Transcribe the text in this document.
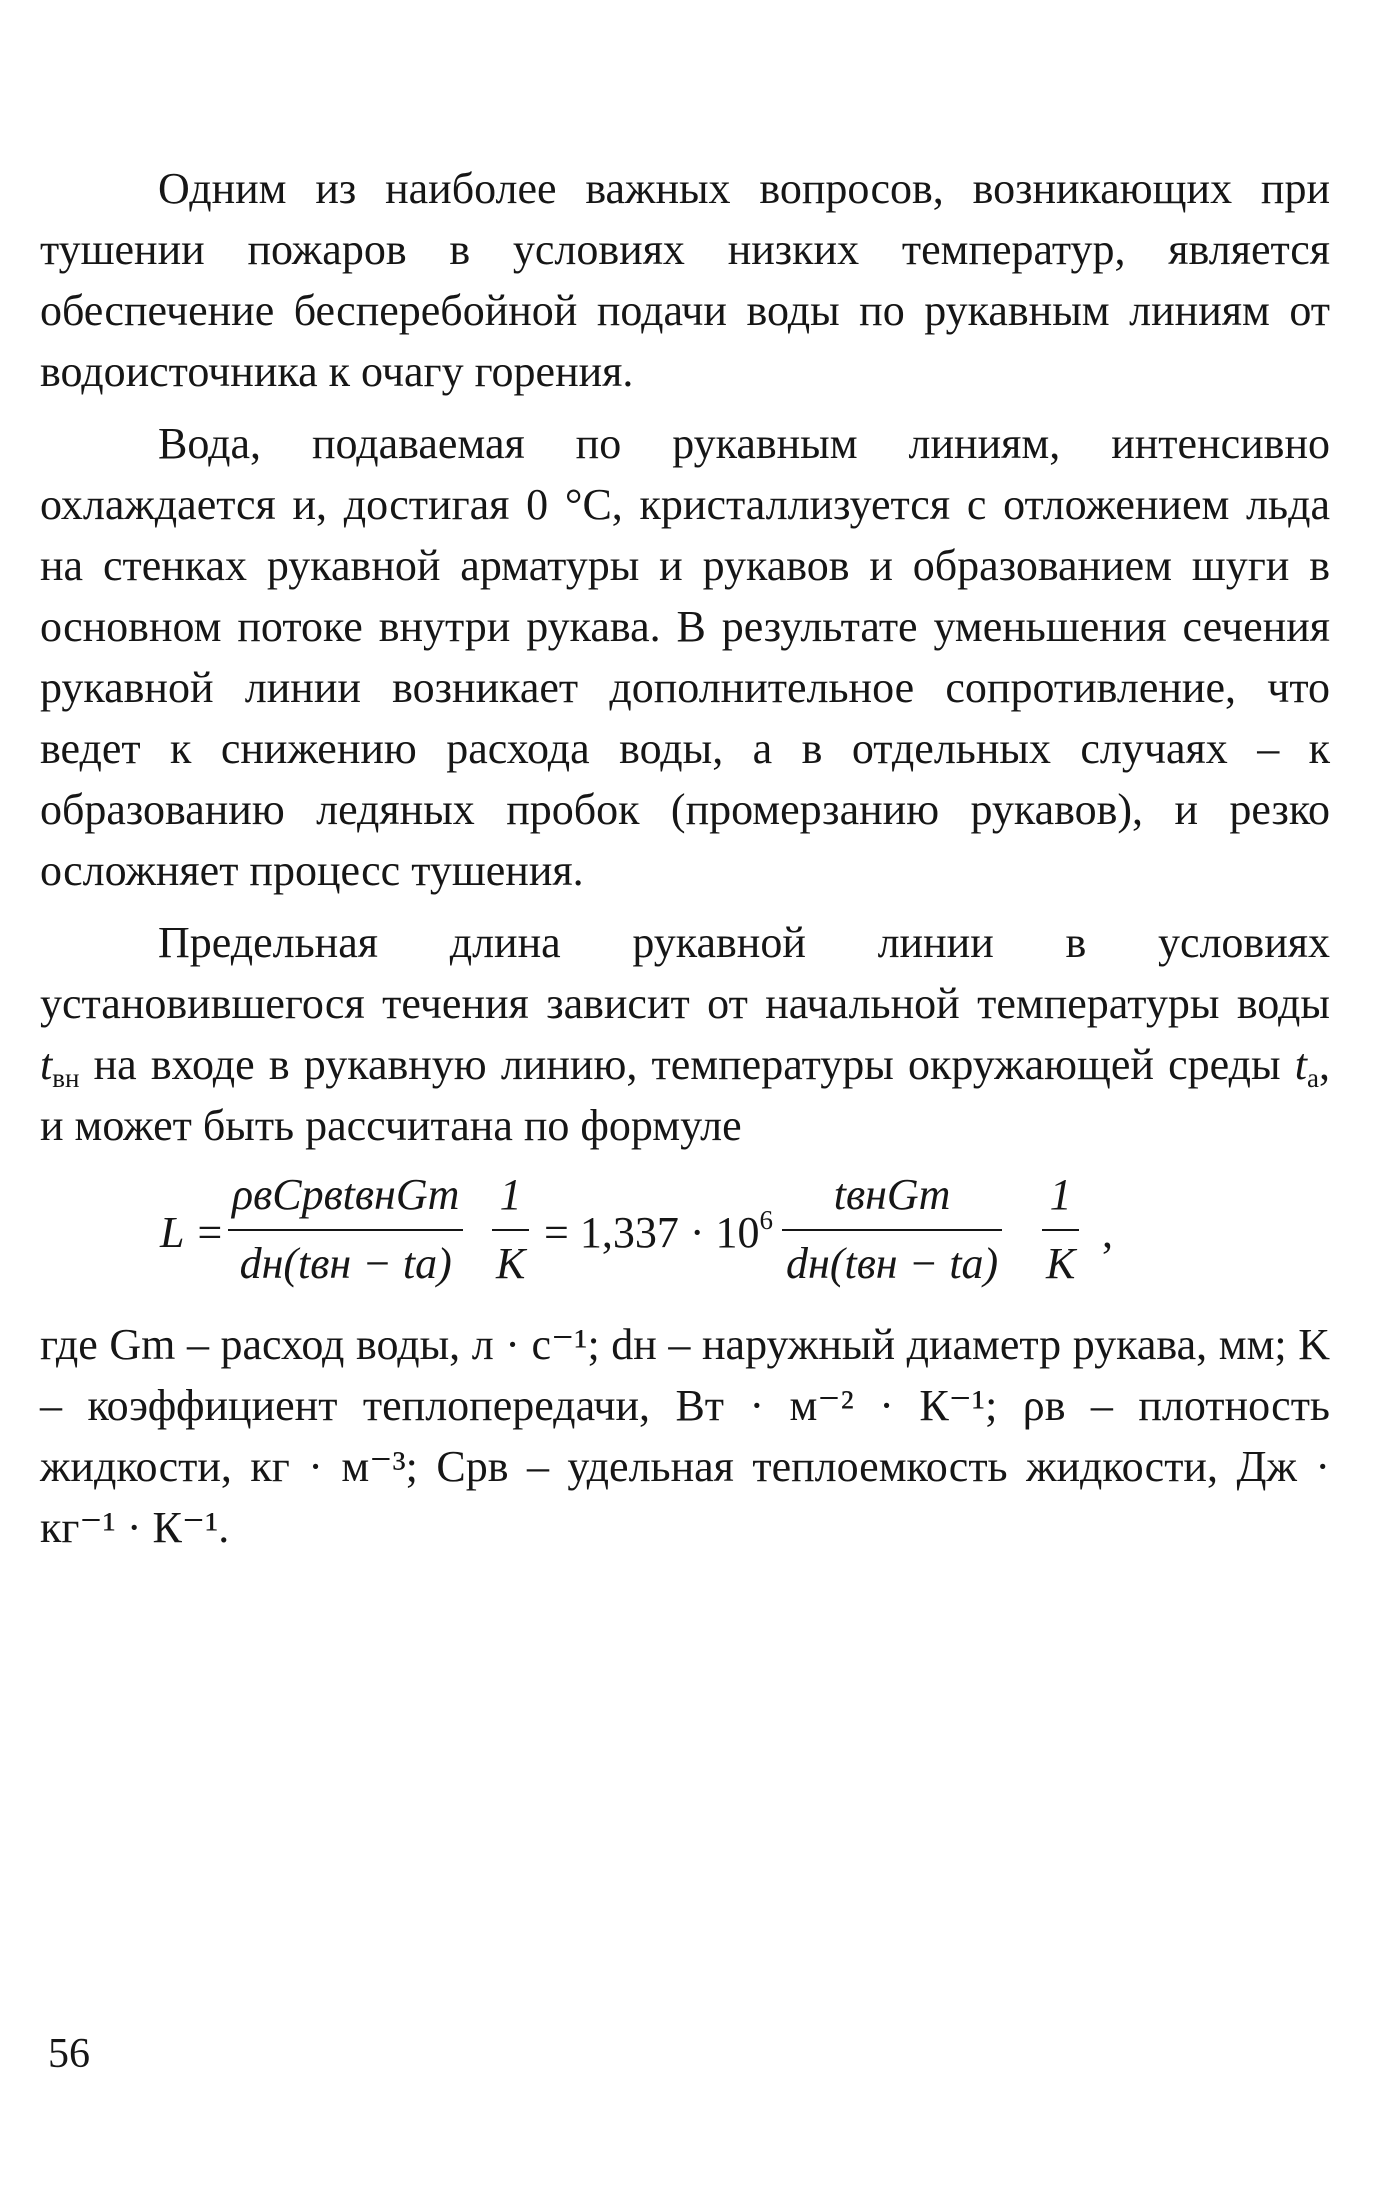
Одним из наиболее важных вопросов, возникающих при тушении пожаров в условиях низких температур, является обеспечение бесперебойной подачи воды по рукавным линиям от водоисточника к очагу горения.

Вода, подаваемая по рукавным линиям, интенсивно охлаждается и, достигая 0 °С, кристаллизуется с отложением льда на стенках рукавной арматуры и рукавов и образованием шуги в основном потоке внутри рукава. В результате уменьшения сечения рукавной линии возникает дополнительное сопротивление, что ведет к снижению расхода воды, а в отдельных случаях – к образованию ледяных пробок (промерзанию рукавов), и резко осложняет процесс тушения.

Предельная длина рукавной линии в условиях установившегося течения зависит от начальной температуры воды $t_{вн}$ на входе в рукавную линию, температуры окружающей среды $t_а$, и может быть рассчитана по формуле

L =
ρвCрвtвнGm
dн(tвн − tа)
1
K
= $1,337 \cdot 10^6$
tвнGm
dн(tвн − tа)
1
K
,

где Gm – расход воды, л · с⁻¹; dн – наружный диаметр рукава, мм; K – коэффициент теплопередачи, Вт · м⁻² · К⁻¹; ρв – плотность жидкости, кг · м⁻³; Cрв – удельная теплоемкость жидкости, Дж · кг⁻¹ · К⁻¹.

56
